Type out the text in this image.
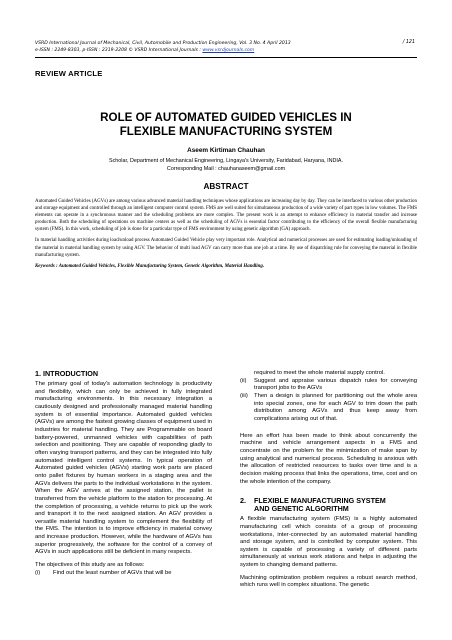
VSRD International Journal of Mechanical, Civil, Automobile and Production Engineering, Vol. 3 No. 4 April 2013
e-ISSN : 2249-8303, p-ISSN : 2319-2208 © VSRD International Journals : www.vsrdjournals.com
/ 121
REVIEW ARTICLE
ROLE OF AUTOMATED GUIDED VEHICLES IN
FLEXIBLE MANUFACTURING SYSTEM
Aseem Kirtiman Chauhan
Scholar, Department of Mechanical Engineering, Lingaya's University, Faridabad, Haryana, INDIA.
Corresponding Mail : chauhanaseem@gmail.com
ABSTRACT

Automated Guided Vehicles (AGVs) are among various advanced material handling techniques whose applications are increasing day by day. They can be interfaced to various other production and storage equipment and controlled through an intelligent computer control system. FMS are well suited for simultaneous production of a wide variety of part types in low volumes. The FMS elements can operate in a synchronous manner and the scheduling problems are more complex. The present work is an attempt to enhance efficiency in material transfer and increase production. Both the scheduling of operations on machine centers as well as the scheduling of AGVs is essential factor contributing to the efficiency of the overall flexible manufacturing system (FMS). In this work, scheduling of job is done for a particular type of FMS environment by using genetic algorithm (GA) approach.

In material handling activities during load/unload process Automated Guided Vehicle play very important role. Analytical and numerical processes are used for estimating loading/unloading of the material in material handling system by using AGV. The behavior of multi load AGV can carry more than one job at a time. By use of dispatching rule for conveying the material in flexible manufacturing system.

Keywords : Automated Guided Vehicles, Flexible Manufacturing System, Genetic Algorithm, Material Handling.

1. INTRODUCTION

The primary goal of today's automation technology is productivity and flexibility, which can only be achieved in fully integrated manufacturing environments. In this necessary integration a cautiously designed and professionally managed material handling system is of essential importance. Automated guided vehicles (AGVs) are among the fastest growing classes of equipment used in industries for material handling. They are Programmable on board battery-powered, unmanned vehicles with capabilities of path selection and positioning. They are capable of responding gladly to often varying transport patterns, and they can be integrated into fully automated intelligent control systems. In typical operation of Automated guided vehicles (AGVs) starting work parts are placed onto pallet fixtures by human workers in a staging area and the AGVs delivers the parts to the individual workstations in the system. When the AGV arrives at the assigned station, the pallet is transferred from the vehicle platform to the station for processing. At the completion of processing, a vehicle returns to pick up the work and transport it to the next assigned station. An AGV provides a versatile material handling system to complement the flexibility of the FMS. The intention is to improve efficiency in material convey and increase production. However, while the hardware of AGVs has superior progressively, the software for the control of a convey of AGVs in such applications still be deficient in many respects.

The objectives of this study are as follows:

(i)	Find out the least number of AGVs that will be
required to meet the whole material supply control.
(ii)	Suggest and appraise various dispatch rules for conveying transport jobs to the AGVs
(iii)	Then a design is planned for partitioning out the whole area into special zones, one for each AGV to trim down the path distribution among AGVs and thus keep away from complications arising out of that.

Here an effort has been made to think about concurrently the machine and vehicle arrangement aspects in a FMS and concentrate on the problem for the minimization of make span by using analytical and numerical process. Scheduling is anxious with the allocation of restricted resources to tasks over time and is a decision making process that links the operations, time, cost and on the whole intention of the company.

2.	FLEXIBLE MANUFACTURING SYSTEM
AND GENETIC ALGORITHM

A flexible manufacturing system (FMS) is a highly automated manufacturing cell which consists of a group of processing workstations, inter-connected by an automated material handling and storage system, and is controlled by computer system. This system is capable of processing a variety of different parts simultaneously at various work stations and helps in adjusting the system to changing demand patterns.

Machining optimization problem requires a robust search method, which runs well in complex situations. The genetic
